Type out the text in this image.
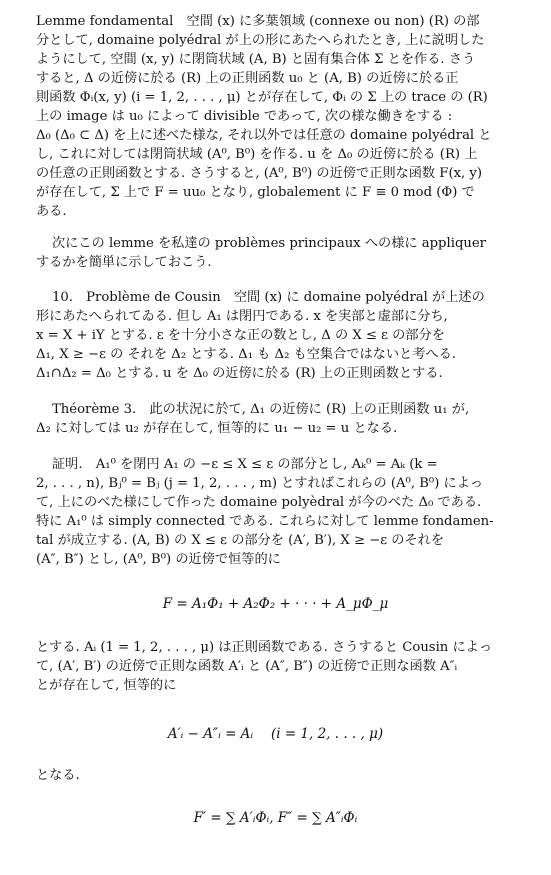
Lemme fondamental　空間 (x) に多葉領域 (connexe ou non) (R) の部
分として, domaine polyédral が上の形にあたへられたとき, 上に説明した
ようにして, 空間 (x, y) に閉筒状域 (A, B) と固有集合体 Σ とを作る. さう
すると, Δ の近傍に於る (R) 上の正則函数 u₀ と (A, B) の近傍に於る正
則函数 Φᵢ(x, y) (i = 1, 2, . . . , μ) とが存在して, Φᵢ の Σ 上の trace の (R)
上の image は u₀ によって divisible であって, 次の様な働きをする :
Δ₀ (Δ₀ ⊂ Δ) を上に述べた様な, それ以外では任意の domaine polyédral と
し, これに対しては閉筒状域 (A⁰, B⁰) を作る. u を Δ₀ の近傍に於る (R) 上
の任意の正則函数とする. さうすると, (A⁰, B⁰) の近傍で正則な函数 F(x, y)
が存在して, Σ 上で F = uu₀ となり, globalement に F ≡ 0 mod (Φ) で
ある.
次にこの lemme を私達の problèmes principaux への様に appliquer
するかを簡単に示しておこう.
10.　Problème de Cousin　空間 (x) に domaine polyédral が上述の
形にあたへられてゐる. 但し A₁ は閉円である. x を実部と虚部に分ち,
x = X + iY とする. ε を十分小さな正の数とし, Δ の X ≤ ε の部分を
Δ₁, X ≥ −ε の それを Δ₂ とする. Δ₁ も Δ₂ も空集合ではないと考へる.
Δ₁∩Δ₂ = Δ₀ とする. u を Δ₀ の近傍に於る (R) 上の正則函数とする.
Théorème 3.　此の状況に於て, Δ₁ の近傍に (R) 上の正則函数 u₁ が,
Δ₂ に対しては u₂ が存在して, 恒等的に u₁ − u₂ = u となる.
証明.　A₁⁰ を閉円 A₁ の −ε ≤ X ≤ ε の部分とし, Aₖ⁰ = Aₖ (k =
2, . . . , n), Bⱼ⁰ = Bⱼ (j = 1, 2, . . . , m) とすればこれらの (A⁰, B⁰) によっ
て, 上にのべた様にして作った domaine polyèdral が今のべた Δ₀ である.
特に A₁⁰ は simply connected である. これらに対して lemme fondamen-
tal が成立する. (A, B) の X ≤ ε の部分を (A′, B′), X ≥ −ε のそれを
(A″, B″) とし, (A⁰, B⁰) の近傍で恒等的に
F = A₁Φ₁ + A₂Φ₂ + · · · + A_μΦ_μ
とする. Aᵢ (1 = 1, 2, . . . , μ) は正則函数である. さうすると Cousin によっ
て, (A′, B′) の近傍で正則な函数 A′ᵢ と (A″, B″) の近傍で正則な函数 A″ᵢ
とが存在して, 恒等的に
A′ᵢ − A″ᵢ = Aᵢ　 (i = 1, 2, . . . , μ)
となる.
F′ = ∑ A′ᵢΦᵢ, F″ = ∑ A″ᵢΦᵢ
